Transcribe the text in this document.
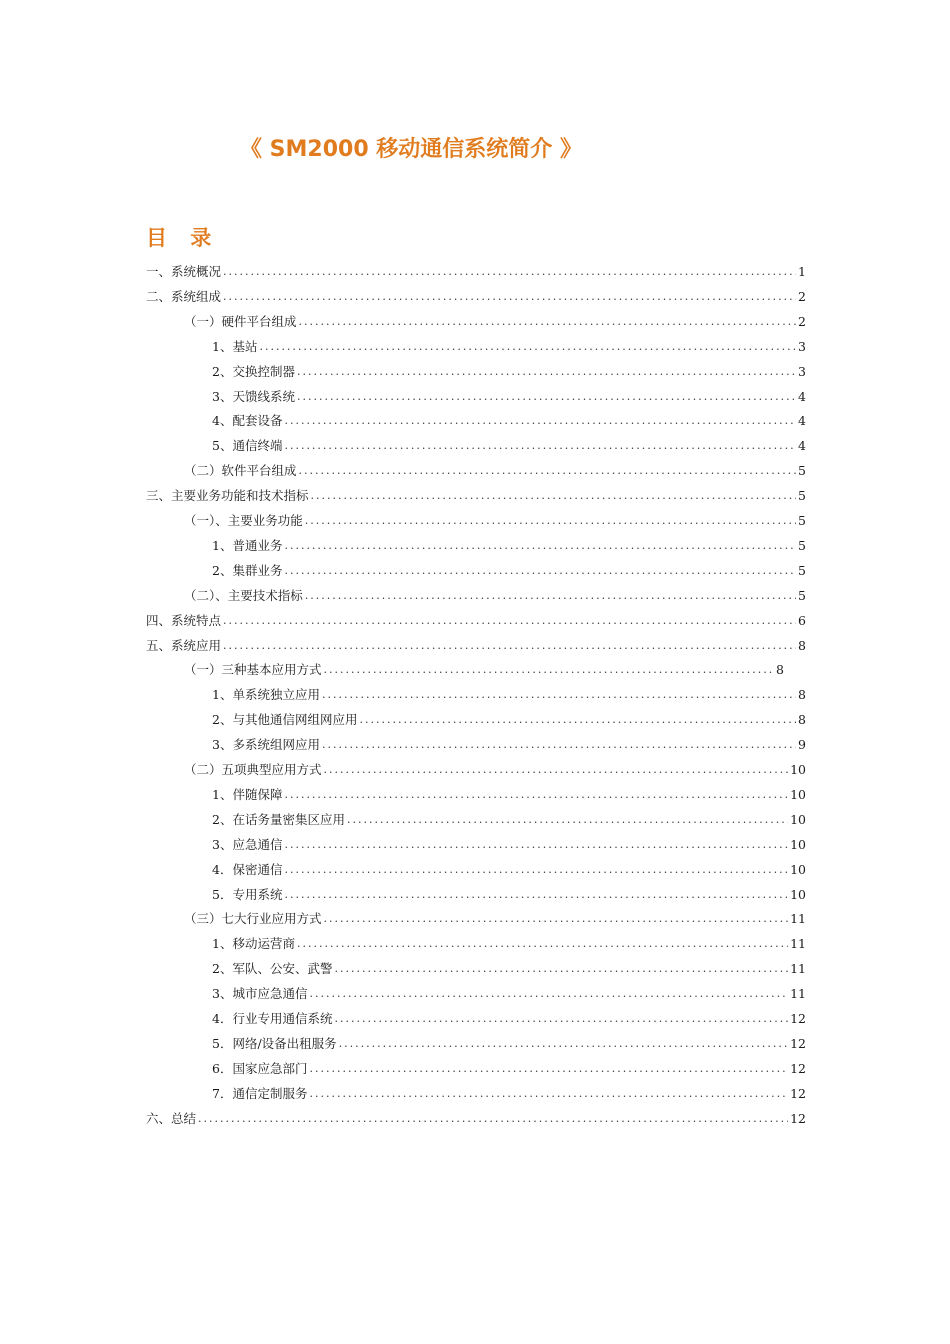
《 SM2000 移动通信系统简介 》
目 录
一、系统概况 .....	1
二、系统组成 .....	2
（一）硬件平台组成 .....	2
1、基站 .....	3
2、交换控制器 .....	3
3、天馈线系统 .....	4
4、配套设备 .....	4
5、通信终端 .....	4
（二）软件平台组成 .....	5
三、主要业务功能和技术指标 .....	5
（一）、主要业务功能 .....	5
1、普通业务 .....	5
2、集群业务 .....	5
（二）、主要技术指标 .....	5
四、系统特点 .....	6
五、系统应用 .....	8
（一）三种基本应用方式 .....	8
1、单系统独立应用 .....	8
2、与其他通信网组网应用 .....	8
3、多系统组网应用 .....	9
（二）五项典型应用方式 .....	10
1、伴随保障 .....	10
2、在话务量密集区应用 .....	10
3、应急通信 .....	10
4．保密通信 .....	10
5．专用系统 .....	10
（三）七大行业应用方式 .....	11
1、移动运营商 .....	11
2、军队、公安、武警 .....	11
3、城市应急通信 .....	11
4．行业专用通信系统 .....	12
5．网络/设备出租服务 .....	12
6．国家应急部门 .....	12
7．通信定制服务 .....	12
六、总结 .....	12
